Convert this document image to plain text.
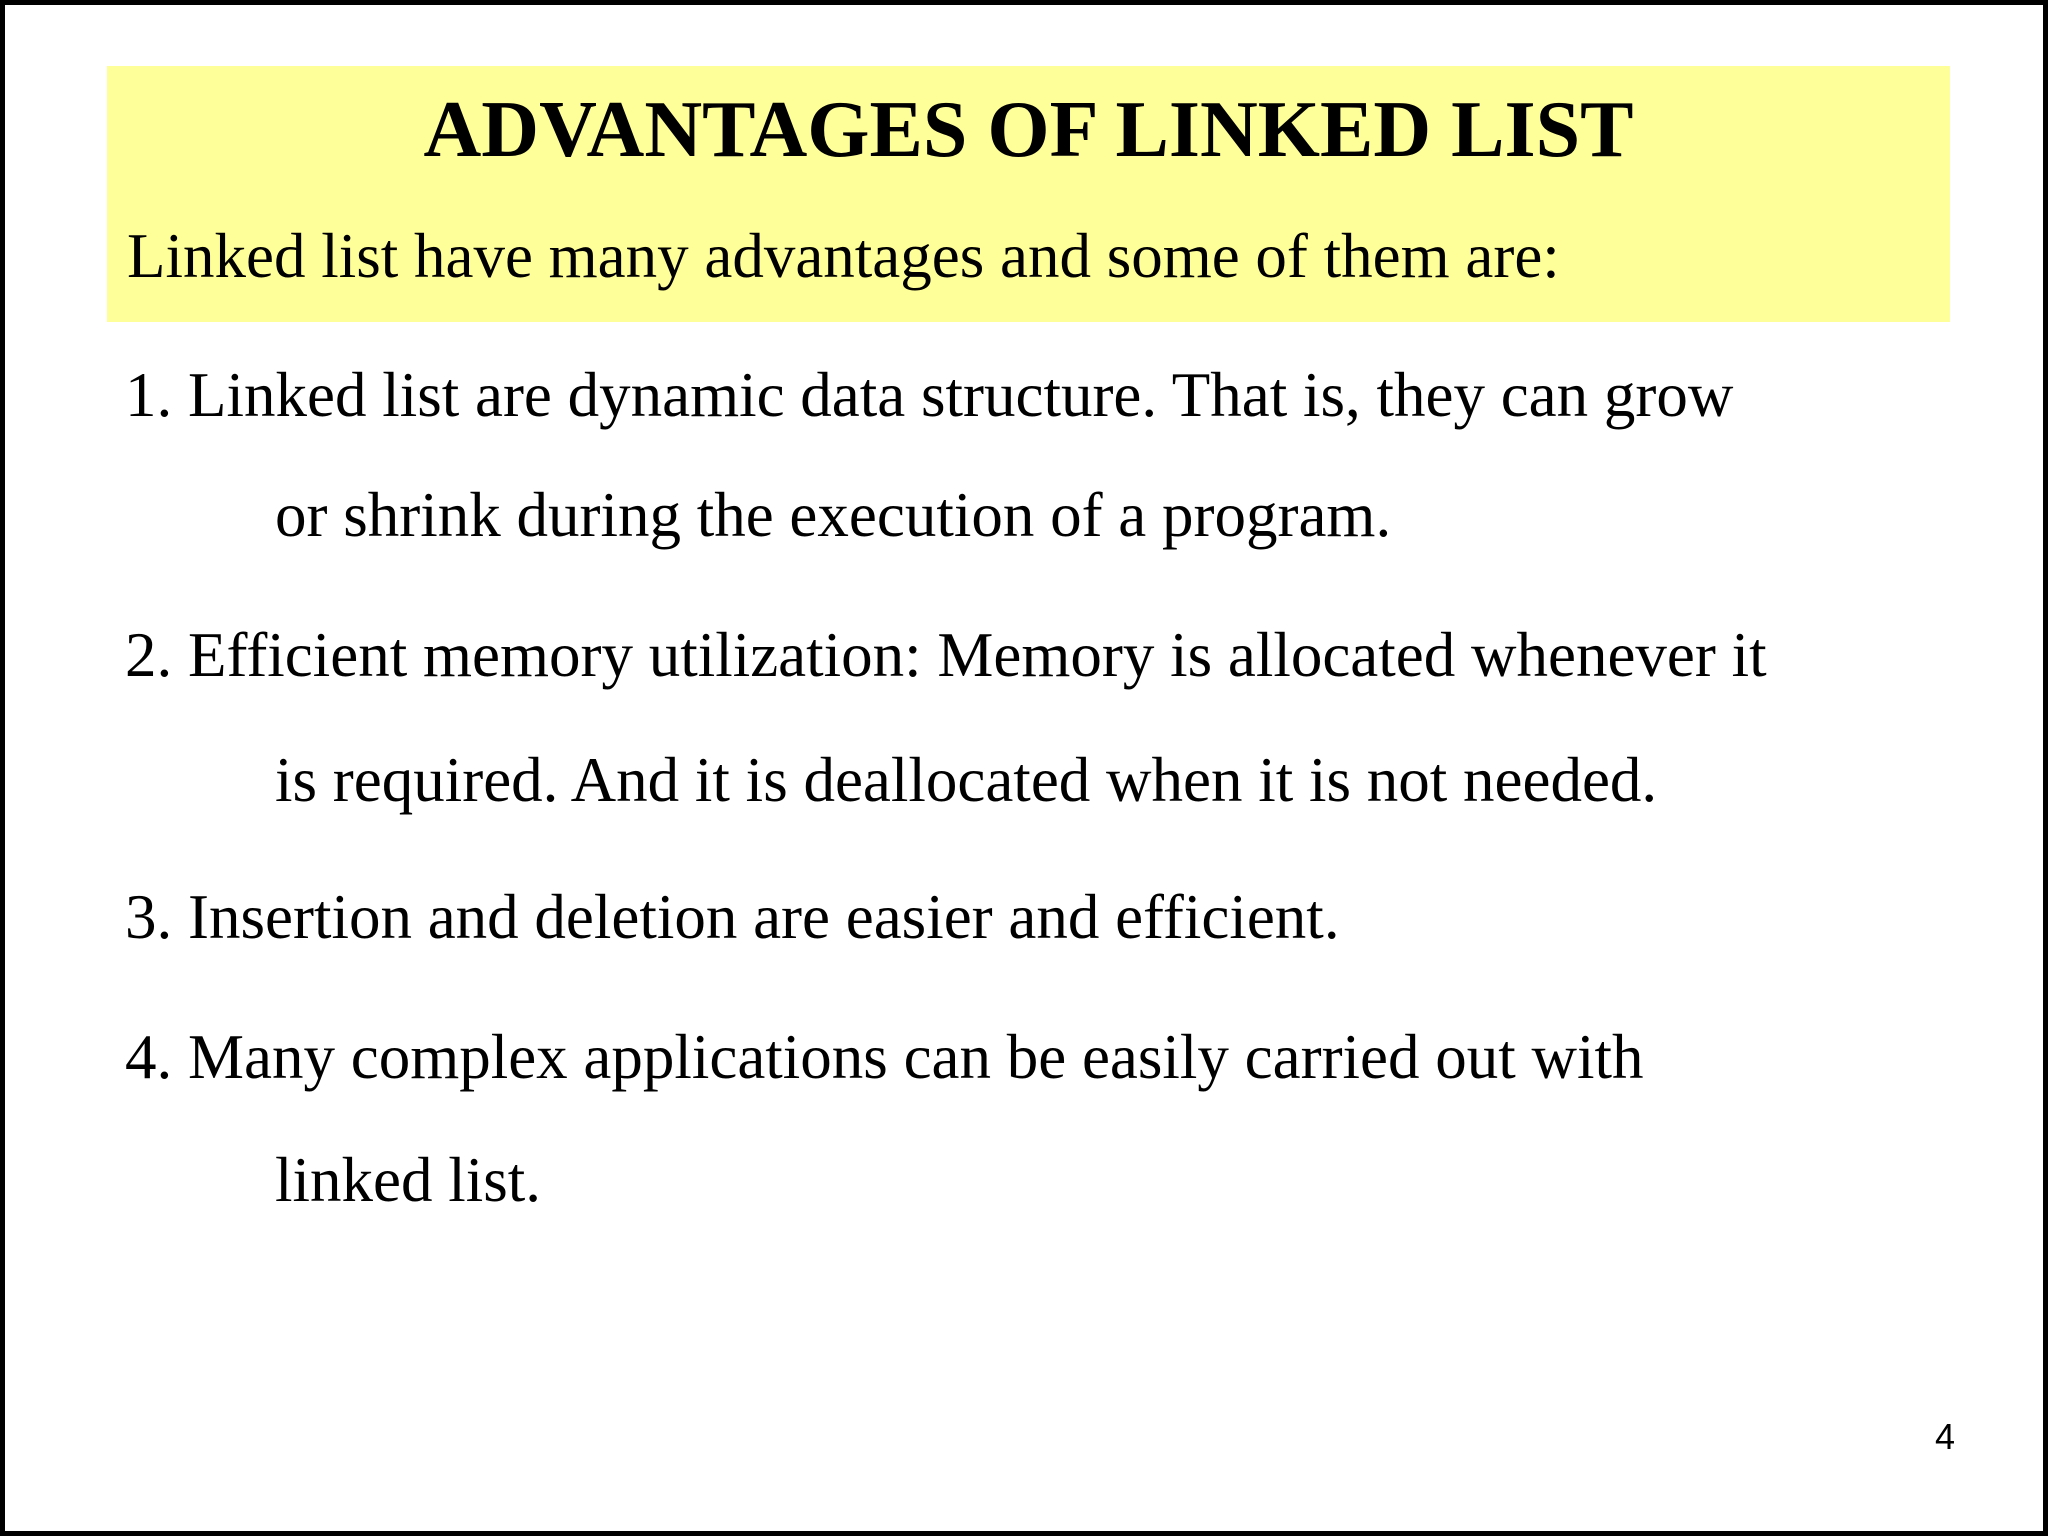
ADVANTAGES OF LINKED LIST

Linked list have many advantages and some of them are:

1. Linked list are dynamic data structure. That is, they can grow

or shrink during the execution of a program.

2. Efficient memory utilization: Memory is allocated whenever it

is required. And it is deallocated when it is not needed.

3. Insertion and deletion are easier and efficient.

4. Many complex applications can be easily carried out with

linked list.

4
